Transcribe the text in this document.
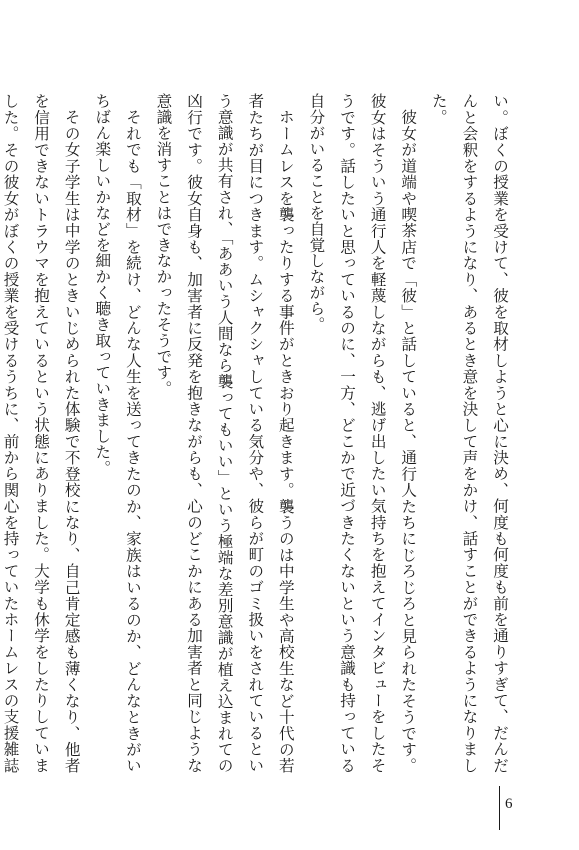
い。ぼくの授業を受けて、彼を取材しようと心に決め、何度も何度も前を通りすぎて、だんだんと会釈をするようになり、あるとき意を決して声をかけ、話すことができるようになりました。

彼女が道端や喫茶店で「彼」と話していると、通行人たちにじろじろと見られたそうです。彼女はそういう通行人を軽蔑しながらも、逃げ出したい気持ちを抱えてインタビューをしたそうです。話したいと思っているのに、一方、どこかで近づきたくないという意識も持っている自分がいることを自覚しながら。

ホームレスを襲ったりする事件がときおり起きます。襲うのは中学生や高校生など十代の若者たちが目につきます。ムシャクシャしている気分や、彼らが町のゴミ扱いをされているという意識が共有され、「ああいう人間なら襲ってもいい」という極端な差別意識が植え込まれての凶行です。彼女自身も、加害者に反発を抱きながらも、心のどこかにある加害者と同じような意識を消すことはできなかったそうです。

それでも「取材」を続け、どんな人生を送ってきたのか、家族はいるのか、どんなときがいちばん楽しいかなどを細かく聴き取っていきました。

その女子学生は中学のときいじめられた体験で不登校になり、自己肯定感も薄くなり、他者を信用できないトラウマを抱えているという状態にありました。大学も休学をしたりしていました。その彼女がぼくの授業を受けるうちに、前から関心を持っていたホームレスの支援雑誌

6
